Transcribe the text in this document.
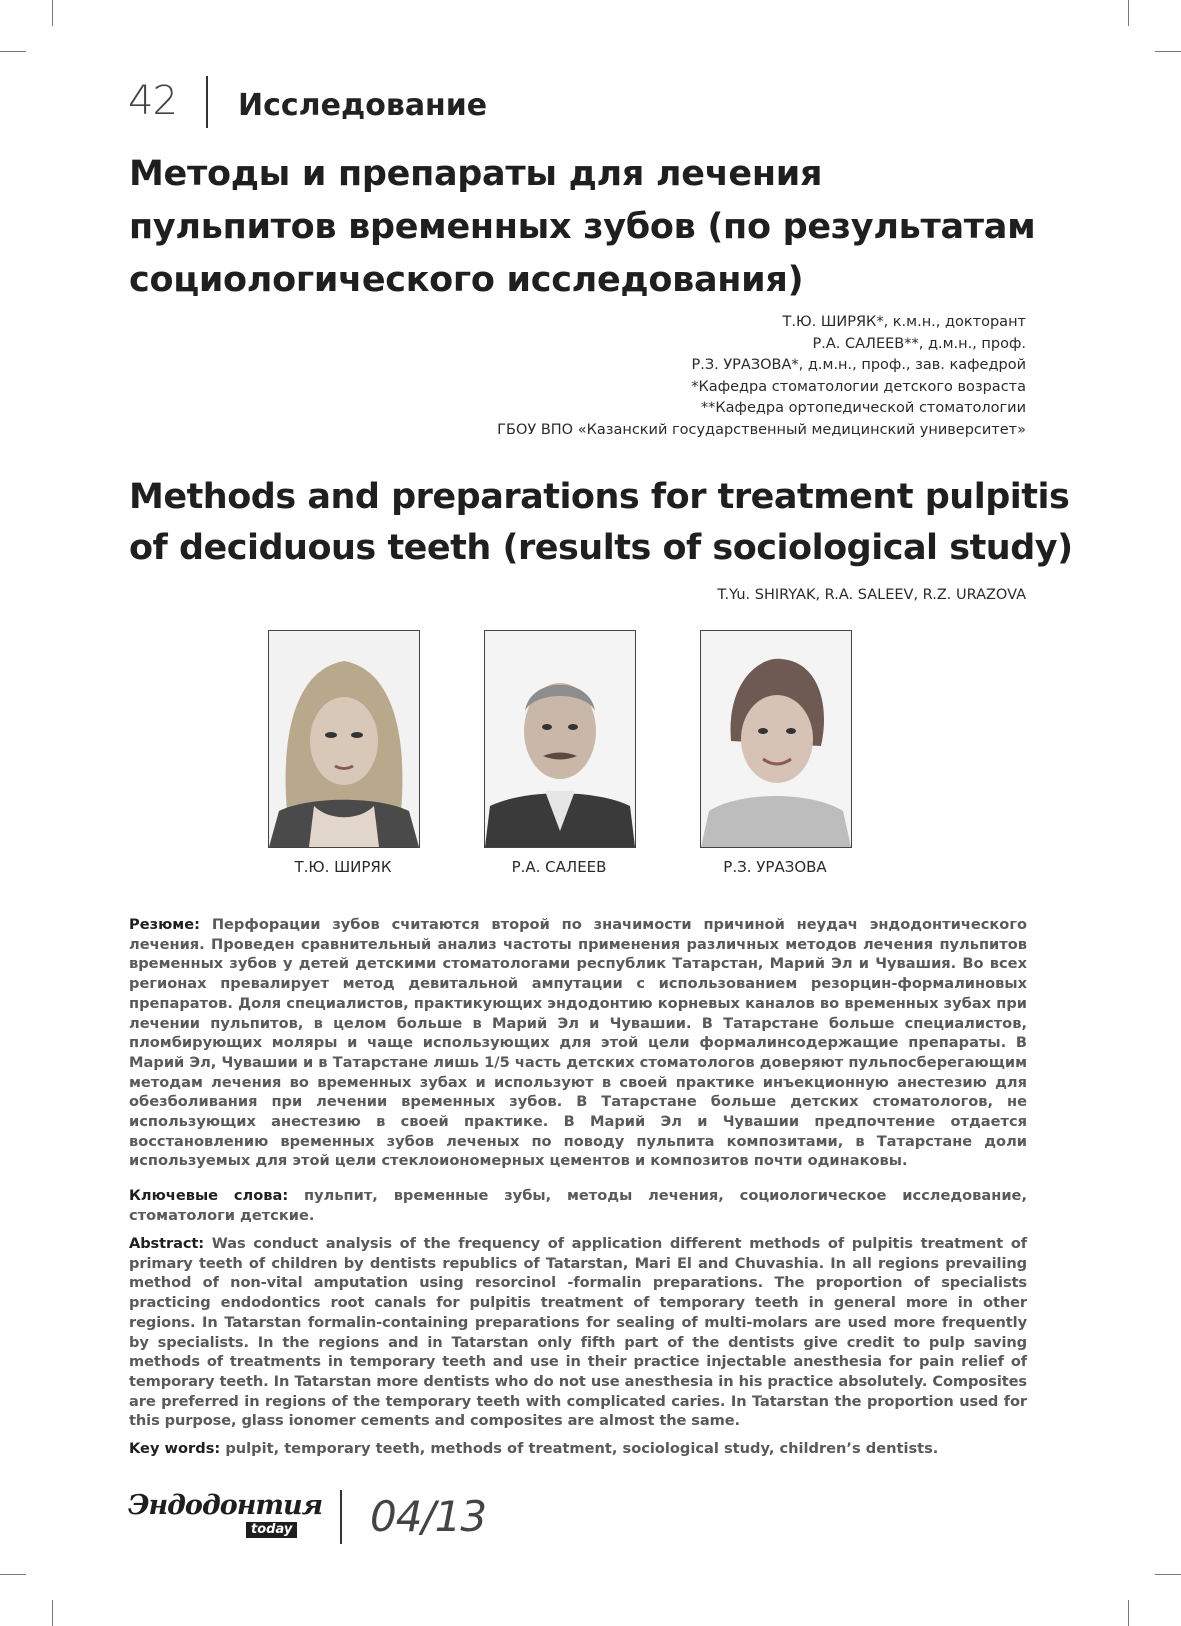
42 Исследование
Методы и препараты для лечения
пульпитов временных зубов (по результатам
социологического исследования)
Т.Ю. ШИРЯК*, к.м.н., докторант
Р.А. САЛЕЕВ**, д.м.н., проф.
Р.З. УРАЗОВА*, д.м.н., проф., зав. кафедрой
*Кафедра стоматологии детского возраста
**Кафедра ортопедической стоматологии
ГБОУ ВПО «Казанский государственный медицинский университет»
Methods and preparations for treatment pulpitis
of deciduous teeth (results of sociological study)
T.Yu. SHIRYAK, R.A. SALEEV, R.Z. URAZOVA
Т.Ю. ШИРЯК	Р.А. САЛЕЕВ	Р.З. УРАЗОВА

Резюме: Перфорации зубов считаются второй по значимости причиной неудач эндодонтического лечения. Проведен сравнительный анализ частоты применения различных методов лечения пульпитов временных зубов у детей детскими стоматологами республик Татарстан, Марий Эл и Чувашия. Во всех регионах превалирует метод девитальной ампутации с использованием резорцин-формалиновых препаратов. Доля специалистов, практикующих эндодонтию корневых каналов во временных зубах при лечении пульпитов, в целом больше в Марий Эл и Чувашии. В Татарстане больше специалистов, пломбирующих моляры и чаще использующих для этой цели формалинсодержащие препараты. В Марий Эл, Чувашии и в Татарстане лишь 1/5 часть детских стоматологов доверяют пульпосберегающим методам лечения во временных зубах и используют в своей практике инъекционную анестезию для обезболивания при лечении временных зубов. В Татарстане больше детских стоматологов, не использующих анестезию в своей практике. В Марий Эл и Чувашии предпочтение отдается восстановлению временных зубов леченых по поводу пульпита композитами, в Татарстане доли используемых для этой цели стеклоиономерных цементов и композитов почти одинаковы.

Ключевые слова: пульпит, временные зубы, методы лечения, социологическое исследование, стоматологи детские.

Abstract: Was conduct analysis of the frequency of application different methods of pulpitis treatment of primary teeth of children by dentists republics of Tatarstan, Mari El and Chuvashia. In all regions prevailing method of non-vital amputation using resorcinol -formalin preparations. The proportion of specialists practicing endodontics root canals for pulpitis treatment of temporary teeth in general more in other regions. In Tatarstan formalin-containing preparations for sealing of multi-molars are used more frequently by specialists. In the regions and in Tatarstan only fifth part of the dentists give credit to pulp saving methods of treatments in temporary teeth and use in their practice injectable anesthesia for pain relief of temporary teeth. In Tatarstan more dentists who do not use anesthesia in his practice absolutely. Composites are preferred in regions of the temporary teeth with complicated caries. In Tatarstan the proportion used for this purpose, glass ionomer cements and composites are almost the same.

Key words: pulpit, temporary teeth, methods of treatment, sociological study, children’s dentists.

Эндодонтия
today 04/13
